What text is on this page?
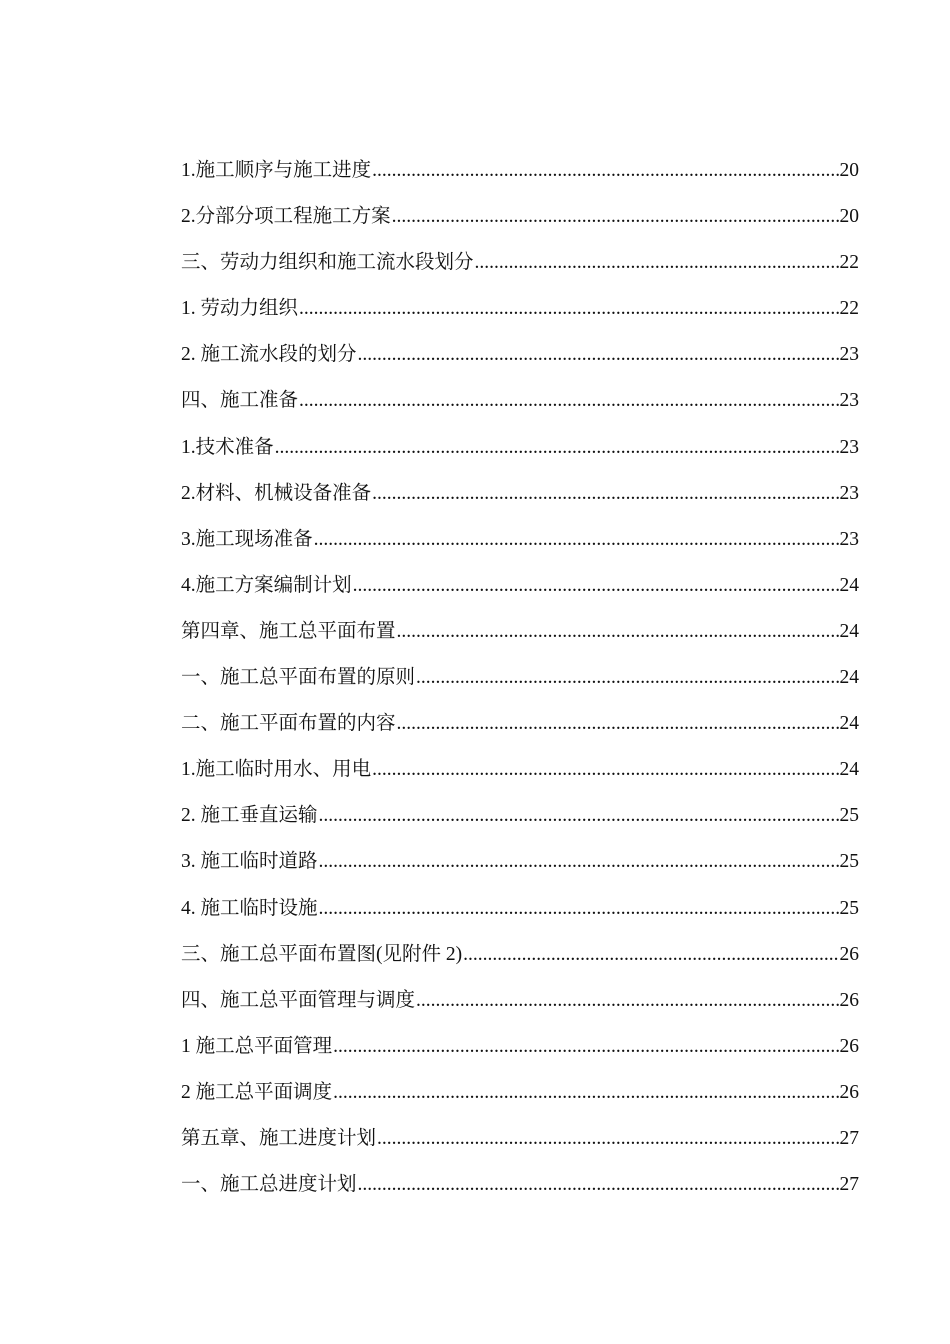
1.施工顺序与施工进度 .....	20
2.分部分项工程施工方案 .....	20
三、劳动力组织和施工流水段划分 .....	22
1. 劳动力组织 .....	22
2. 施工流水段的划分 .....	23
四、施工准备 .....	23
1.技术准备 .....	23
2.材料、机械设备准备 .....	23
3.施工现场准备 .....	23
4.施工方案编制计划 .....	24
第四章、施工总平面布置 .....	24
一、施工总平面布置的原则 .....	24
二、施工平面布置的内容 .....	24
1.施工临时用水、用电 .....	24
2. 施工垂直运输 .....	25
3. 施工临时道路 .....	25
4. 施工临时设施 .....	25
三、施工总平面布置图(见附件 2) .....	26
四、施工总平面管理与调度 .....	26
1 施工总平面管理 .....	26
2 施工总平面调度 .....	26
第五章、施工进度计划 .....	27
一、施工总进度计划 .....	27
